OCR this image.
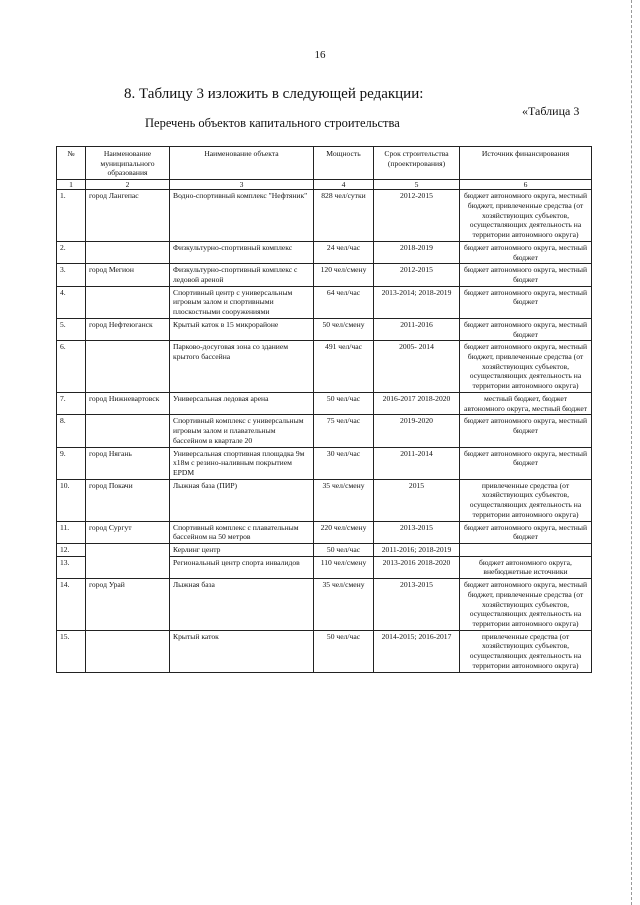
16
8. Таблицу 3 изложить в следующей редакции:
«Таблица 3
Перечень объектов капитального строительства
№	Наименование муниципального образования	Наименование объекта	Мощность	Срок строительства (проектирования)	Источник финансирования
1	2	3	4	5	6
1.	город Лангепас	Водно-спортивный комплекс "Нефтяник"	828 чел/сутки	2012-2015	бюджет автономного округа, местный бюджет, привлеченные средства (от хозяйствующих субъектов, осуществляющих деятельность на территории автономного округа)
2.		Физкультурно-спортивный комплекс	24 чел/час	2018-2019	бюджет автономного округа, местный бюджет
3.	город Мегион	Физкультурно-спортивный комплекс с ледовой ареной	120 чел/смену	2012-2015	бюджет автономного округа, местный бюджет
4.		Спортивный центр с универсальным игровым залом и спортивными плоскостными сооружениями	64 чел/час	2013-2014; 2018-2019	бюджет автономного округа, местный бюджет
5.	город Нефтеюганск	Крытый каток в 15 микрорайоне	50 чел/смену	2011-2016	бюджет автономного округа, местный бюджет
6.		Парково-досуговая зона со зданием крытого бассейна	491 чел/час	2005- 2014	бюджет автономного округа, местный бюджет, привлеченные средства (от хозяйствующих субъектов, осуществляющих деятельность на территории автономного округа)
7.	город Нижневартовск	Универсальная ледовая арена	50 чел/час	2016-2017 2018-2020	местный бюджет, бюджет автономного округа, местный бюджет
8.		Спортивный комплекс с универсальным игровым залом и плавательным бассейном в квартале 20	75 чел/час	2019-2020	бюджет автономного округа, местный бюджет
9.	город Нягань	Универсальная спортивная площадка 9м х18м с резино-наливным покрытием EPDM	30 чел/час	2011-2014	бюджет автономного округа, местный бюджет
10.	город Покачи	Лыжная база (ПИР)	35 чел/смену	2015	привлеченные средства (от хозяйствующих субъектов, осуществляющих деятельность на территории автономного округа)
11.	город Сургут	Спортивный комплекс с плавательным бассейном на 50 метров	220 чел/смену	2013-2015	бюджет автономного округа, местный бюджет
12.		Керлинг центр	50 чел/час	2011-2016; 2018-2019	
13.		Региональный центр спорта инвалидов	110 чел/смену	2013-2016 2018-2020	бюджет автономного округа, внебюджетные источники
14.	город Урай	Лыжная база	35 чел/смену	2013-2015	бюджет автономного округа, местный бюджет, привлеченные средства (от хозяйствующих субъектов, осуществляющих деятельность на территории автономного округа)
15.		Крытый каток	50 чел/час	2014-2015; 2016-2017	привлеченные средства (от хозяйствующих субъектов, осуществляющих деятельность на территории автономного округа)
